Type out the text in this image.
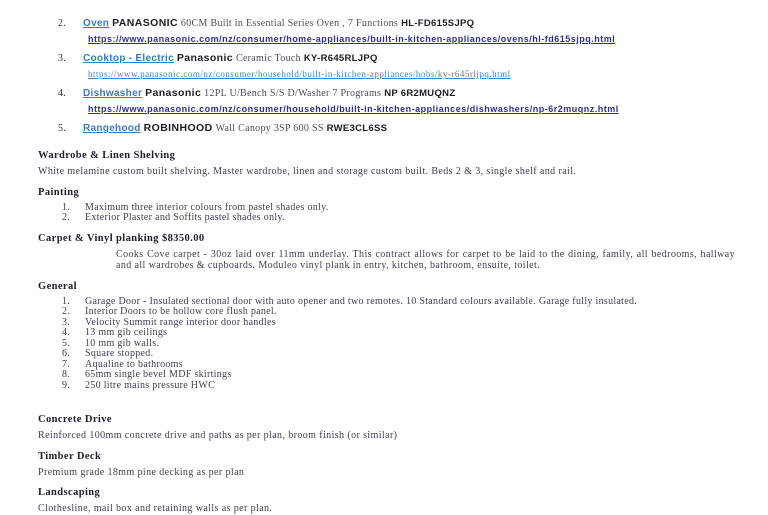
2. Oven PANASONIC 60CM Built in Essential Series Oven , 7 Functions HL-FD615SJPQ
https://www.panasonic.com/nz/consumer/home-appliances/built-in-kitchen-appliances/ovens/hl-fd615sjpq.html
3. Cooktop - Electric Panasonic Ceramic Touch KY-R645RLJPQ
https://www.panasonic.com/nz/consumer/household/built-in-kitchen-appliances/hobs/ky-r645rljpq.html
4. Dishwasher Panasonic 12PL U/Bench S/S D/Washer 7 Programs NP 6R2MUQNZ
https://www.panasonic.com/nz/consumer/household/built-in-kitchen-appliances/dishwashers/np-6r2muqnz.html
5. Rangehood ROBINHOOD Wall Canopy 3SP 600 SS RWE3CL6SS
Wardrobe & Linen Shelving

White melamine custom built shelving. Master wardrobe, linen and storage custom built. Beds 2 & 3, single shelf and rail.

Painting
1.	Maximum three interior colours from pastel shades only.
2.	Exterior Plaster and Soffits pastel shades only.
Carpet & Vinyl planking $8350.00

Cooks Cove carpet - 30oz laid over 11mm underlay. This contract allows for carpet to be laid to the dining, family, all bedrooms, hallway and all wardrobes & cupboards. Moduleo vinyl plank in entry, kitchen, bathroom, ensuite, toilet.

General
1.	Garage Door - Insulated sectional door with auto opener and two remotes. 10 Standard colours available. Garage fully insulated.
2.	Interior Doors to be hollow core flush panel.
3.	Velocity Summit range interior door handles
4.	13 mm gib ceilings
5.	10 mm gib walls.
6.	Square stopped.
7.	Aqualine to bathrooms
8.	65mm single bevel MDF skirtings
9.	250 litre mains pressure HWC
Concrete Drive

Reinforced 100mm concrete drive and paths as per plan, broom finish (or similar)

Timber Deck

Premium grade 18mm pine decking as per plan

Landscaping

Clothesline, mail box and retaining walls as per plan.
